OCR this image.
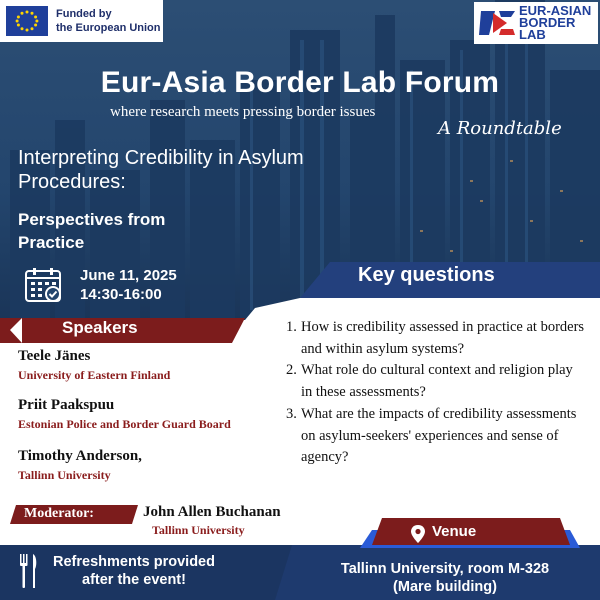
Funded by
the European Union
EUR-ASIAN
BORDER
LAB
Eur-Asia Border Lab Forum
where research meets pressing border issues
A Roundtable
Interpreting Credibility in Asylum
Procedures:
Perspectives from
Practice
June 11, 2025
14:30-16:00
Key questions
1. How is credibility assessed in practice at borders and within asylum systems?
2. What role do cultural context and religion play in these assessments?
3. What are the impacts of credibility assessments on asylum-seekers' experiences and sense of agency?
Speakers
Teele Jänes
University of Eastern Finland
Priit Paakspuu
Estonian Police and Border Guard Board
Timothy Anderson,
Tallinn University
Moderator:	John Allen Buchanan
Tallinn University	Venue
Refreshments provided
after the event!
Tallinn University, room M-328
(Mare building)
